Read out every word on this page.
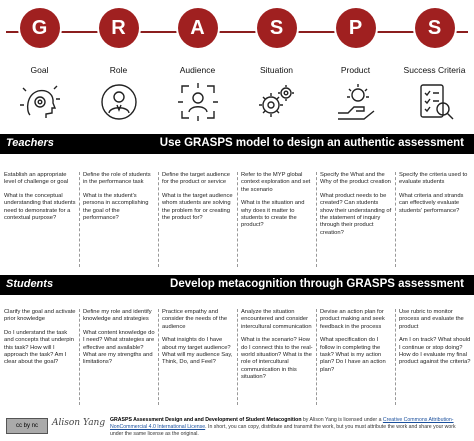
G
Goal
R
Role
A
Audience
S
Situation
P
Product
S
Success Criteria
Teachers	Use GRASPS model to design an authentic assessment

Establish an appropriate level of challenge or goal

What is the conceptual understanding that students need to demonstrate for a contextual purpose?

Define the role of students in the performance task

What is the student's persona in accomplishing the goal of the performance?

Define the target audience for the product or service

What is the target audience whom students are solving the problem for or creating the product for?

Refer to the MYP global context exploration and set the scenario

What is the situation and why does it matter to students to create the product?

Specify the What and the Why of the product creation

What product needs to be created? Can students show their understanding of the statement of inquiry through their product creation?

Specify the criteria used to evaluate students

What criteria and strands can effectively evaluate students' performance?

Students	Develop metacognition through GRASPS assessment

Clarify the goal and activate prior knowledge

Do I understand the task and concepts that underpin this task? How will I approach the task? Am I clear about the goal?

Define my role and identify knowledge and strategies

What content knowledge do I need? What strategies are effective and available? What are my strengths and limitations?

Practice empathy and consider the needs of the audience

What insights do I have about my target audience? What will my audience Say, Think, Do, and Feel?

Analyze the situation encountered and consider intercultural communication

What is the scenario? How do I connect this to the real-world situation? What is the role of intercultural communication in this situation?

Devise an action plan for product making and seek feedback in the process

What specification do I follow in completing the task? What is my action plan? Do I have an action plan?

Use rubric to monitor process and evaluate the product

Am I on track? What should I continue or stop doing? How do I evaluate my final product against the criteria?

cc by nc	Alison Yang GRASPS Assessment Design and and Development of Student Metacognition by Alison Yang is licensed under a Creative Commons Attribution-NonCommercial 4.0 International License. In short, you can copy, distribute and transmit the work, but you must attribute the work and share your work under the same license as the original.
